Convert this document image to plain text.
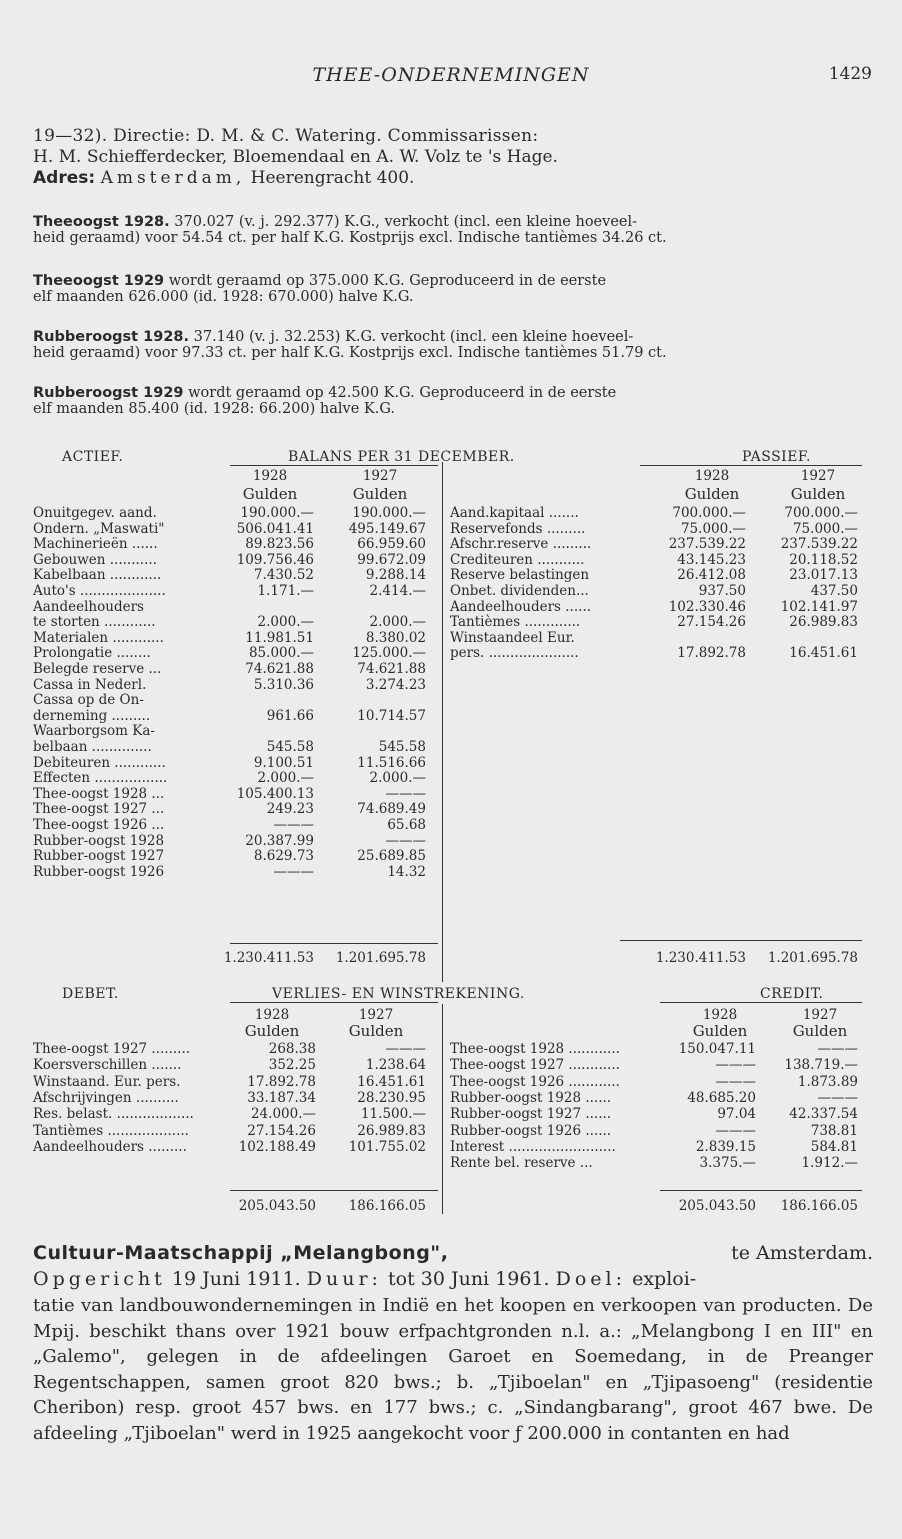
THEE-ONDERNEMINGEN	1429
19—32). Directie: D. M. & C. Watering. Commissarissen:
H. M. Schiefferdecker, Bloemendaal en A. W. Volz te 's Hage.
Adres: Amsterdam, Heerengracht 400.
Theeoogst 1928. 370.027 (v. j. 292.377) K.G., verkocht (incl. een kleine hoeveel-
heid geraamd) voor 54.54 ct. per half K.G. Kostprijs excl. Indische tantièmes 34.26 ct.
Theeoogst 1929 wordt geraamd op 375.000 K.G. Geproduceerd in de eerste
elf maanden 626.000 (id. 1928: 670.000) halve K.G.
Rubberoogst 1928. 37.140 (v. j. 32.253) K.G. verkocht (incl. een kleine hoeveel-
heid geraamd) voor 97.33 ct. per half K.G. Kostprijs excl. Indische tantièmes 51.79 ct.
Rubberoogst 1929 wordt geraamd op 42.500 K.G. Geproduceerd in de eerste
elf maanden 85.400 (id. 1928: 66.200) halve K.G.
ACTIEF.	BALANS PER 31 DECEMBER.	PASSIEF.
1928	1927
Gulden	Gulden
1928	1927
Gulden	Gulden
Onuitgegev. aand.	190.000.—	190.000.—
Ondern. „Maswati"	506.041.41	495.149.67
Machinerieën ......	89.823.56	66.959.60
Gebouwen ...........	109.756.46	99.672.09
Kabelbaan ............	7.430.52	9.288.14
Auto's ....................	1.171.—	2.414.—
Aandeelhouders
te storten ............	2.000.—	2.000.—
Materialen ............	11.981.51	8.380.02
Prolongatie ........	85.000.—	125.000.—
Belegde reserve ...	74.621.88	74.621.88
Cassa in Nederl.	5.310.36	3.274.23
Cassa op de On-
derneming .........	961.66	10.714.57
Waarborgsom Ka-
belbaan ..............	545.58	545.58
Debiteuren ............	9.100.51	11.516.66
Effecten .................	2.000.—	2.000.—
Thee-oogst 1928 ...	105.400.13	———
Thee-oogst 1927 ...	249.23	74.689.49
Thee-oogst 1926 ...	———	65.68
Rubber-oogst 1928	20.387.99	———
Rubber-oogst 1927	8.629.73	25.689.85
Rubber-oogst 1926	———	14.32
Aand.kapitaal .......	700.000.—	700.000.—
Reservefonds .........	75.000.—	75.000.—
Afschr.reserve .........	237.539.22	237.539.22
Crediteuren ...........	43.145.23	20.118.52
Reserve belastingen	26.412.08	23.017.13
Onbet. dividenden...	937.50	437.50
Aandeelhouders ......	102.330.46	102.141.97
Tantièmes .............	27.154.26	26.989.83
Winstaandeel Eur.
pers. .....................	17.892.78	16.451.61
1.230.411.53	1.201.695.78	1.230.411.53	1.201.695.78
DEBET.	VERLIES- EN WINSTREKENING.	CREDIT.
1928	1927
Gulden	Gulden
1928	1927
Gulden	Gulden
Thee-oogst 1927 .........	268.38	———
Koersverschillen .......	352.25	1.238.64
Winstaand. Eur. pers.	17.892.78	16.451.61
Afschrijvingen ..........	33.187.34	28.230.95
Res. belast. ..................	24.000.—	11.500.—
Tantièmes ...................	27.154.26	26.989.83
Aandeelhouders .........	102.188.49	101.755.02
Thee-oogst 1928 ............	150.047.11	———
Thee-oogst 1927 ............	———	138.719.—
Thee-oogst 1926 ............	———	1.873.89
Rubber-oogst 1928 ......	48.685.20	———
Rubber-oogst 1927 ......	97.04	42.337.54
Rubber-oogst 1926 ......	———	738.81
Interest .........................	2.839.15	584.81
Rente bel. reserve ...	3.375.—	1.912.—
205.043.50	186.166.05	205.043.50	186.166.05
Cultuur-Maatschappij „Melangbong",	te Amsterdam.
Opgericht 19 Juni 1911. Duur: tot 30 Juni 1961. Doel: exploi-
tatie van landbouwondernemingen in Indië en het koopen en verkoopen van producten. De Mpij. beschikt thans over 1921 bouw erfpachtgronden n.l. a.: „Melangbong I en III" en „Galemo", gelegen in de afdeelingen Garoet en Soemedang, in de Preanger Regentschappen, samen groot 820 bws.; b. „Tjiboelan" en „Tjipasoeng" (residentie Cheribon) resp. groot 457 bws. en 177 bws.; c. „Sindangbarang", groot 467 bwe. De afdeeling „Tjiboelan" werd in 1925 aangekocht voor ƒ 200.000 in contanten en had
